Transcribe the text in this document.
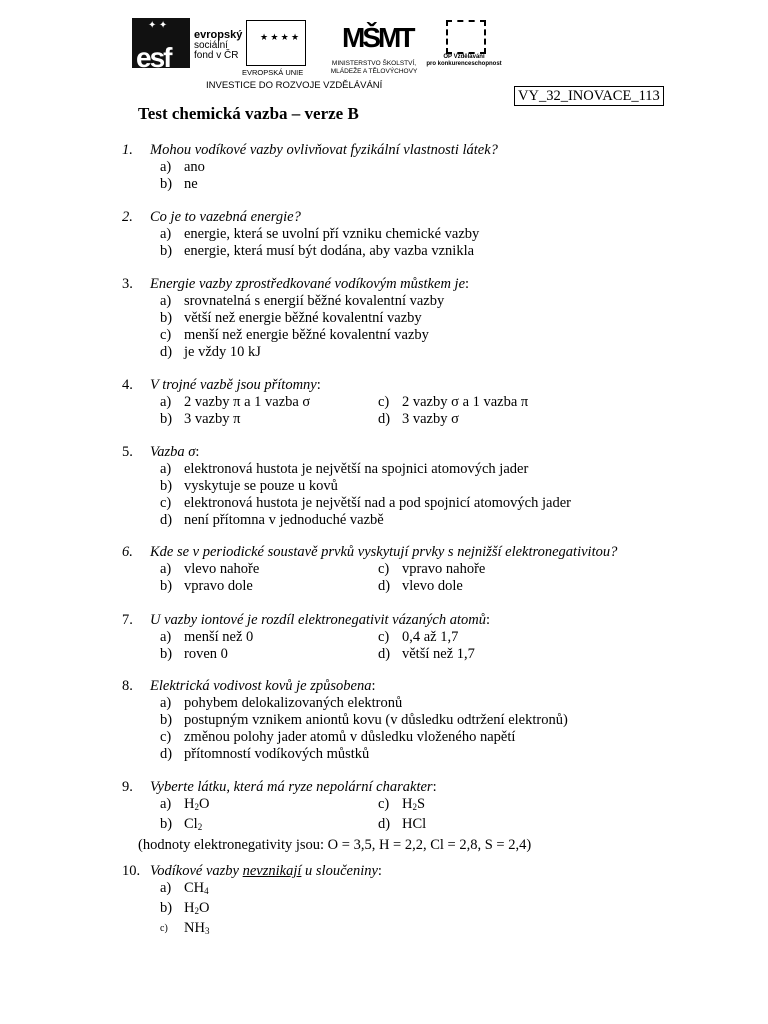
✦ ✦
esf
evropský
sociální
fond v ČR
★ ★ ★ ★
EVROPSKÁ UNIE
MŠMT
MINISTERSTVO ŠKOLSTVÍ,
MLÁDEŽE A TĚLOVÝCHOVY
OP Vzdělávání
pro konkurenceschopnost
INVESTICE DO ROZVOJE VZDĚLÁVÁNÍ
VY_32_INOVACE_113
Test chemická vazba – verze B
1.	Mohou vodíkové vazby ovlivňovat fyzikální vlastnosti látek?
a) ano
b) ne
2.	Co je to vazebná energie?
a) energie, která se uvolní pří vzniku chemické vazby
b) energie, která musí být dodána, aby vazba vznikla
3.	Energie vazby zprostředkované vodíkovým můstkem je:
a) srovnatelná s energií běžné kovalentní vazby
b) větší než energie běžné kovalentní vazby
c) menší než energie běžné kovalentní vazby
d) je vždy 10 kJ
4.	V trojné vazbě jsou přítomny:
a) 2 vazby π a 1 vazba σ	c) 2 vazby σ a 1 vazba π
b) 3 vazby π	d) 3 vazby σ
5.	Vazba σ:
a) elektronová hustota je největší na spojnici atomových jader
b) vyskytuje se pouze u kovů
c) elektronová hustota je největší nad a pod spojnicí atomových jader
d) není přítomna v jednoduché vazbě
6.	Kde se v periodické soustavě prvků vyskytují prvky s nejnižší elektronegativitou?
a) vlevo nahoře	c) vpravo nahoře
b) vpravo dole	d) vlevo dole
7.	U vazby iontové je rozdíl elektronegativit vázaných atomů:
a) menší než 0	c) 0,4 až 1,7
b) roven 0	d) větší než 1,7
8.	Elektrická vodivost kovů je způsobena:
a) pohybem delokalizovaných elektronů
b) postupným vznikem aniontů kovu (v důsledku odtržení elektronů)
c) změnou polohy jader atomů v důsledku vloženého napětí
d) přítomností vodíkových můstků
9.	Vyberte látku, která má ryze nepolární charakter:
a) $H_2O$	c) $H_2S$
b) $Cl_2$	d) HCl
(hodnoty elektronegativity jsou: O = 3,5, H = 2,2, Cl = 2,8, S = 2,4)
10. Vodíkové vazby nevznikají u sloučeniny:
a) $CH_4$
b) $H_2O$
c)	$NH_3$
